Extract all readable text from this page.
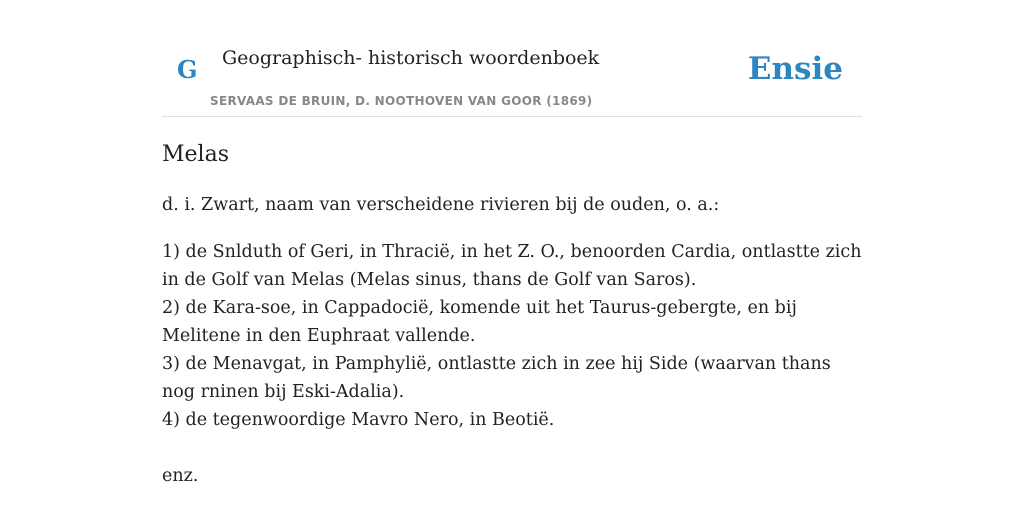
G Geographisch- historisch woordenboek
SERVAAS DE BRUIN, D. NOOTHOVEN VAN GOOR (1869)
Ensie
Melas

d. i. Zwart, naam van verscheidene rivieren bij de ouden, o. a.:

1) de Snlduth of Geri, in Thracië, in het Z. O., benoorden Cardia, ontlastte zich in de Golf van Melas (Melas sinus, thans de Golf van Saros).
2) de Kara-soe, in Cappadocië, komende uit het Taurus-gebergte, en bij Melitene in den Euphraat vallende.
3) de Menavgat, in Pamphylië, ontlastte zich in zee hij Side (waarvan thans nog rninen bij Eski-Adalia).
4) de tegenwoordige Mavro Nero, in Beotië.

enz.
